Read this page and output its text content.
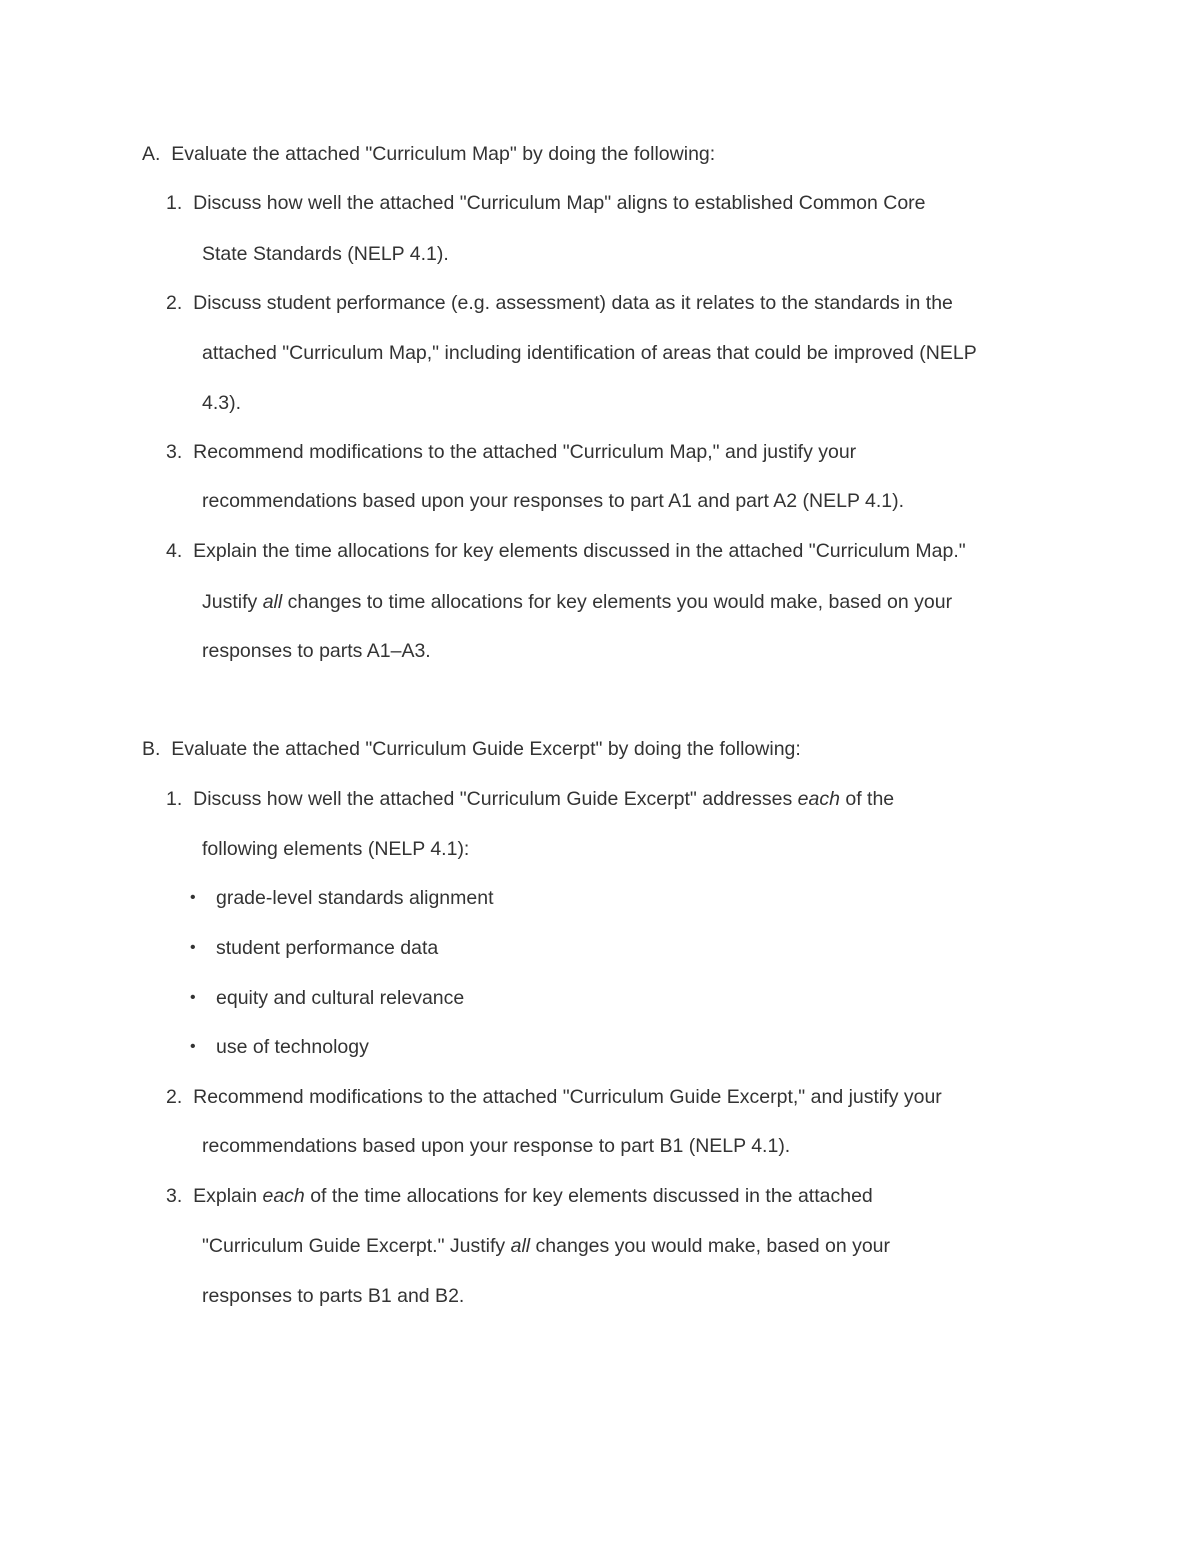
A. Evaluate the attached "Curriculum Map" by doing the following:
1. Discuss how well the attached "Curriculum Map" aligns to established Common Core
State Standards (NELP 4.1).
2. Discuss student performance (e.g. assessment) data as it relates to the standards in the
attached "Curriculum Map," including identification of areas that could be improved (NELP
4.3).
3. Recommend modifications to the attached "Curriculum Map," and justify your
recommendations based upon your responses to part A1 and part A2 (NELP 4.1).
4. Explain the time allocations for key elements discussed in the attached "Curriculum Map."
Justify all changes to time allocations for key elements you would make, based on your
responses to parts A1–A3.
B. Evaluate the attached "Curriculum Guide Excerpt" by doing the following:
1. Discuss how well the attached "Curriculum Guide Excerpt" addresses each of the
following elements (NELP 4.1):
• grade-level standards alignment
• student performance data
• equity and cultural relevance
• use of technology
2. Recommend modifications to the attached "Curriculum Guide Excerpt," and justify your
recommendations based upon your response to part B1 (NELP 4.1).
3. Explain each of the time allocations for key elements discussed in the attached
"Curriculum Guide Excerpt." Justify all changes you would make, based on your
responses to parts B1 and B2.
